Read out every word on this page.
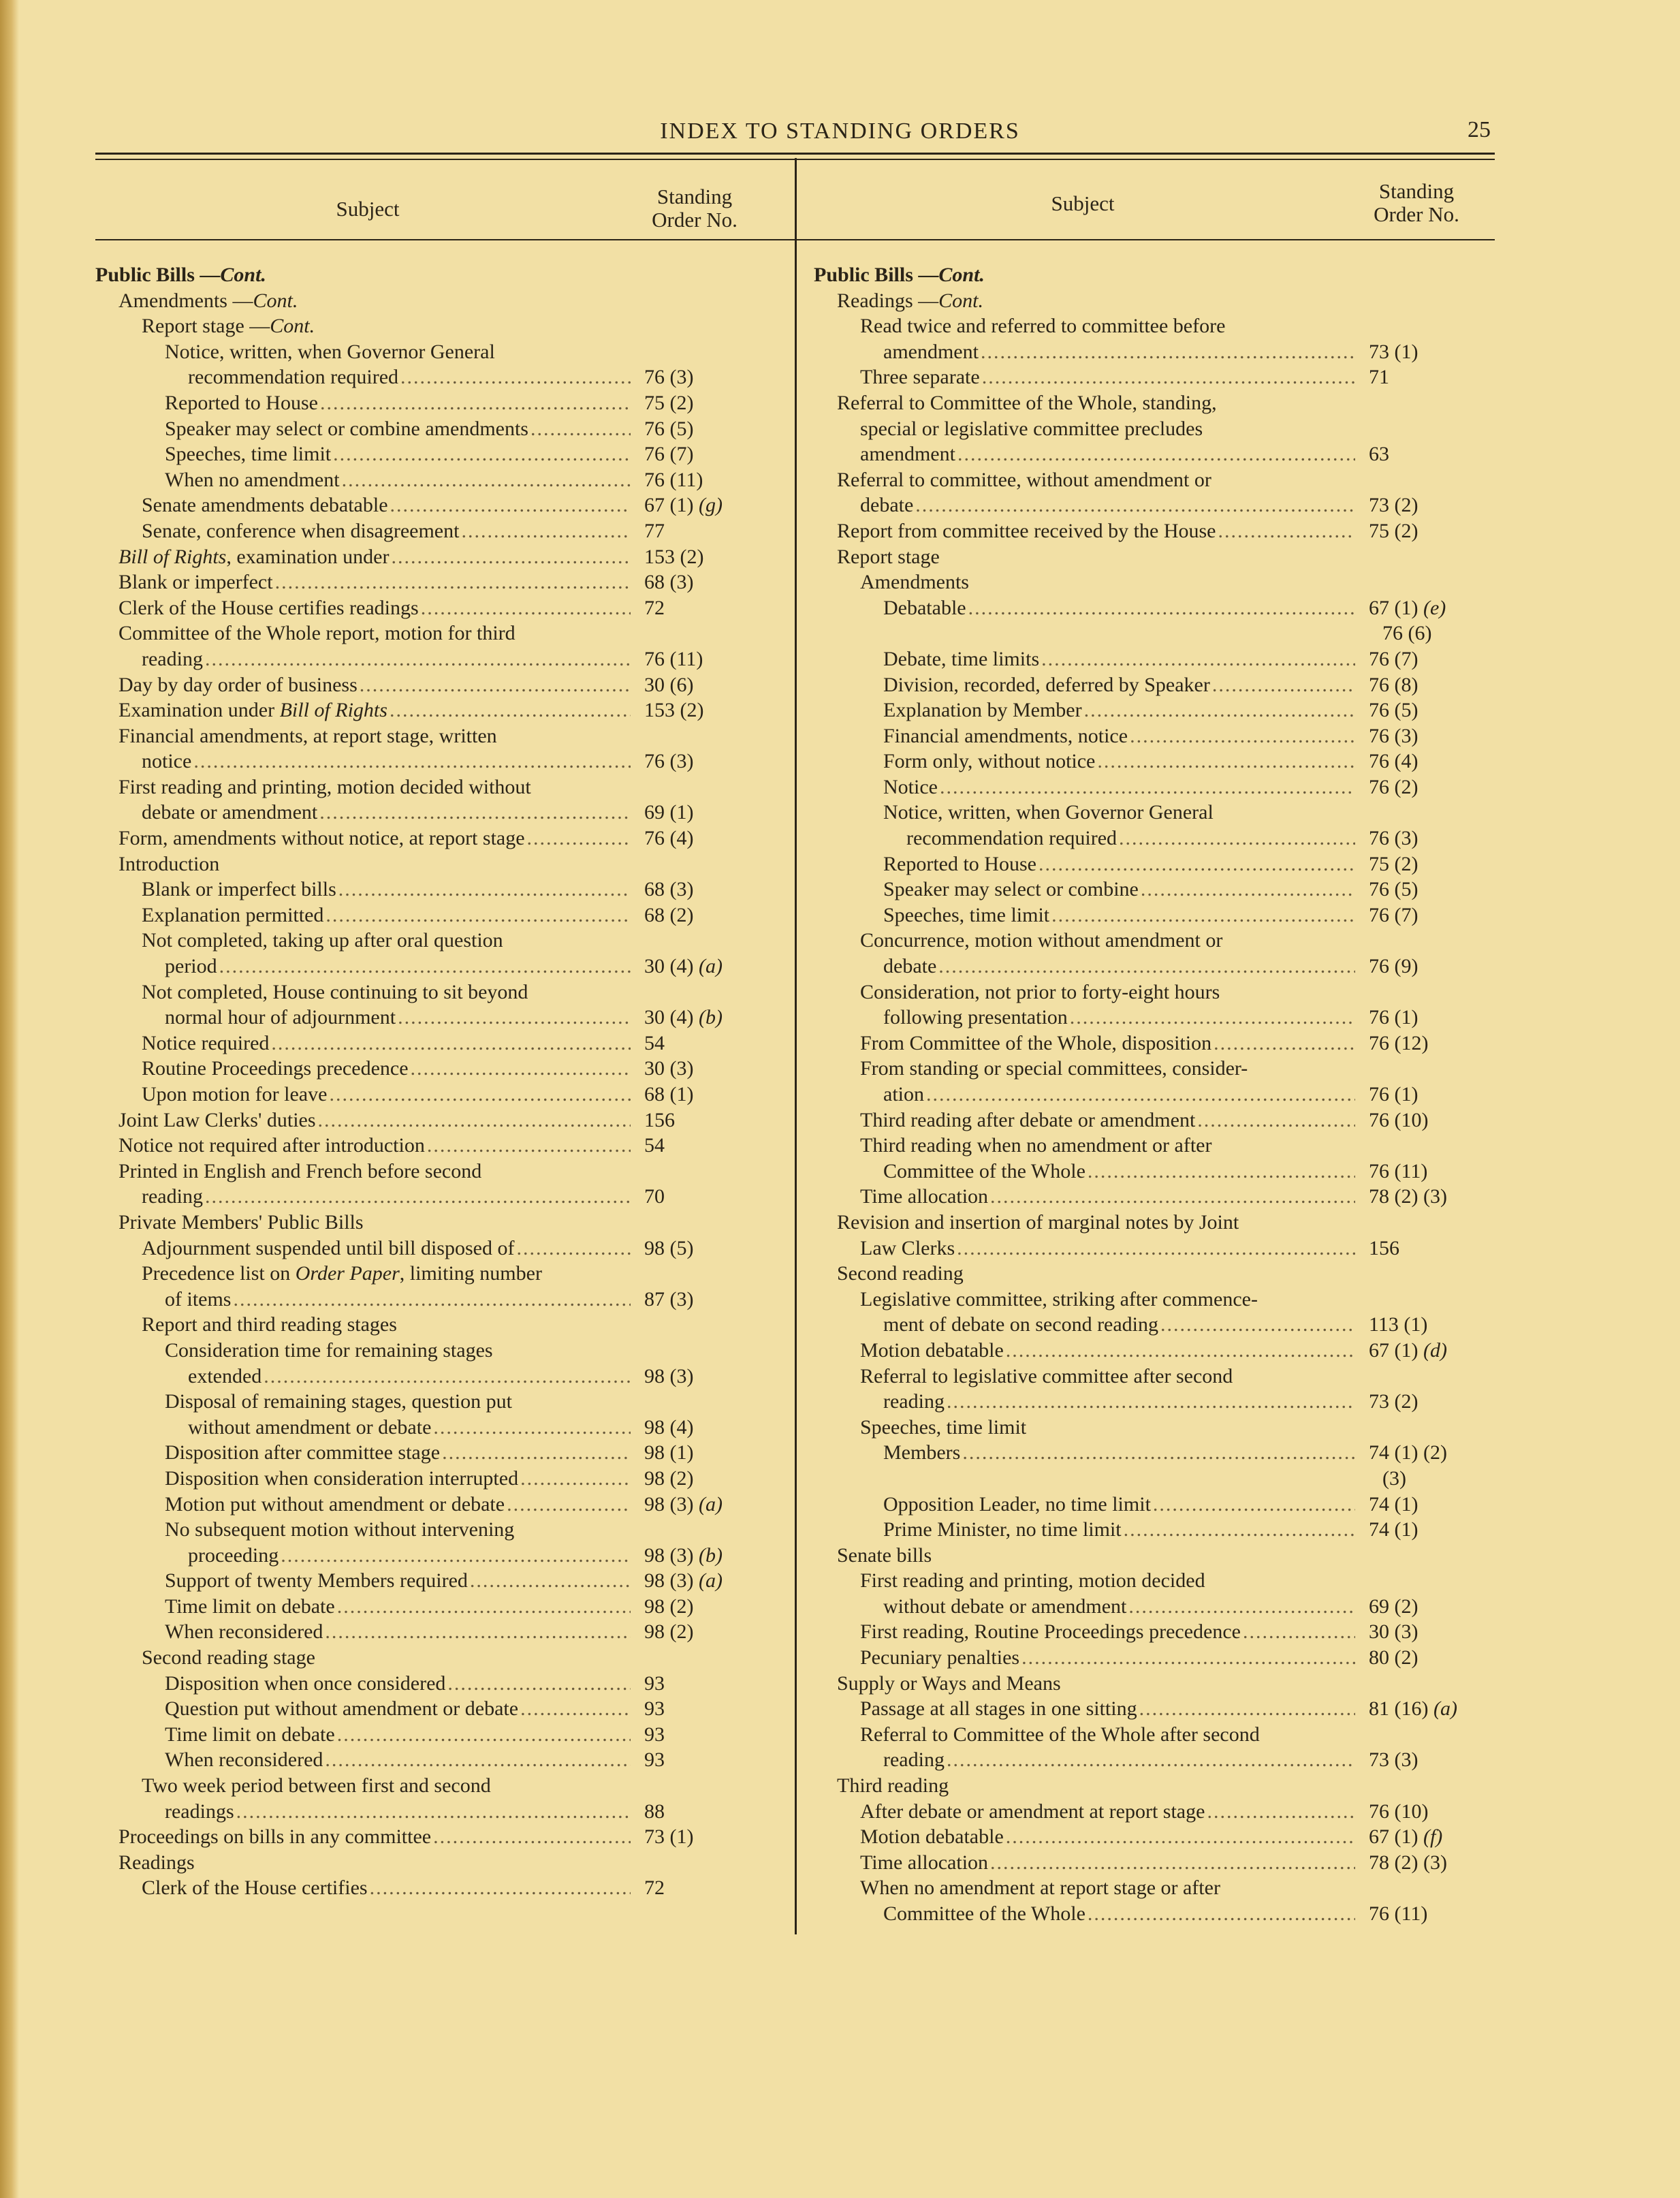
INDEX TO STANDING ORDERS	25
Subject
Standing
Order No.
Subject
Standing
Order No.
Public Bills —Cont.
Amendments —Cont.
Report stage —Cont.
Notice, written, when Governor General
recommendation required .....	76 (3)
Reported to House .....	75 (2)
Speaker may select or combine amendments .....	76 (5)
Speeches, time limit .....	76 (7)
When no amendment .....	76 (11)
Senate amendments debatable .....	67 (1) (g)
Senate, conference when disagreement .....	77
Bill of Rights, examination under .....	153 (2)
Blank or imperfect .....	68 (3)
Clerk of the House certifies readings .....	72
Committee of the Whole report, motion for third
reading .....	76 (11)
Day by day order of business .....	30 (6)
Examination under Bill of Rights .....	153 (2)
Financial amendments, at report stage, written
notice .....	76 (3)
First reading and printing, motion decided without
debate or amendment .....	69 (1)
Form, amendments without notice, at report stage .....	76 (4)
Introduction
Blank or imperfect bills .....	68 (3)
Explanation permitted .....	68 (2)
Not completed, taking up after oral question
period .....	30 (4) (a)
Not completed, House continuing to sit beyond
normal hour of adjournment .....	30 (4) (b)
Notice required .....	54
Routine Proceedings precedence .....	30 (3)
Upon motion for leave .....	68 (1)
Joint Law Clerks' duties .....	156
Notice not required after introduction .....	54
Printed in English and French before second
reading .....	70
Private Members' Public Bills
Adjournment suspended until bill disposed of .....	98 (5)
Precedence list on Order Paper, limiting number
of items .....	87 (3)
Report and third reading stages
Consideration time for remaining stages
extended .....	98 (3)
Disposal of remaining stages, question put
without amendment or debate .....	98 (4)
Disposition after committee stage .....	98 (1)
Disposition when consideration interrupted .....	98 (2)
Motion put without amendment or debate .....	98 (3) (a)
No subsequent motion without intervening
proceeding .....	98 (3) (b)
Support of twenty Members required .....	98 (3) (a)
Time limit on debate .....	98 (2)
When reconsidered .....	98 (2)
Second reading stage
Disposition when once considered .....	93
Question put without amendment or debate .....	93
Time limit on debate .....	93
When reconsidered .....	93
Two week period between first and second
readings .....	88
Proceedings on bills in any committee .....	73 (1)
Readings
Clerk of the House certifies .....	72
Public Bills —Cont.
Readings —Cont.
Read twice and referred to committee before
amendment .....	73 (1)
Three separate .....	71
Referral to Committee of the Whole, standing,
special or legislative committee precludes
amendment .....	63
Referral to committee, without amendment or
debate .....	73 (2)
Report from committee received by the House .....	75 (2)
Report stage
Amendments
Debatable .....	67 (1) (e)
76 (6)
Debate, time limits .....	76 (7)
Division, recorded, deferred by Speaker .....	76 (8)
Explanation by Member .....	76 (5)
Financial amendments, notice .....	76 (3)
Form only, without notice .....	76 (4)
Notice .....	76 (2)
Notice, written, when Governor General
recommendation required .....	76 (3)
Reported to House .....	75 (2)
Speaker may select or combine .....	76 (5)
Speeches, time limit .....	76 (7)
Concurrence, motion without amendment or
debate .....	76 (9)
Consideration, not prior to forty-eight hours
following presentation .....	76 (1)
From Committee of the Whole, disposition .....	76 (12)
From standing or special committees, consider-
ation .....	76 (1)
Third reading after debate or amendment .....	76 (10)
Third reading when no amendment or after
Committee of the Whole .....	76 (11)
Time allocation .....	78 (2) (3)
Revision and insertion of marginal notes by Joint
Law Clerks .....	156
Second reading
Legislative committee, striking after commence-
ment of debate on second reading .....	113 (1)
Motion debatable .....	67 (1) (d)
Referral to legislative committee after second
reading .....	73 (2)
Speeches, time limit
Members .....	74 (1) (2)
(3)
Opposition Leader, no time limit .....	74 (1)
Prime Minister, no time limit .....	74 (1)
Senate bills
First reading and printing, motion decided
without debate or amendment .....	69 (2)
First reading, Routine Proceedings precedence .....	30 (3)
Pecuniary penalties .....	80 (2)
Supply or Ways and Means
Passage at all stages in one sitting .....	81 (16) (a)
Referral to Committee of the Whole after second
reading .....	73 (3)
Third reading
After debate or amendment at report stage .....	76 (10)
Motion debatable .....	67 (1) (f)
Time allocation .....	78 (2) (3)
When no amendment at report stage or after
Committee of the Whole .....	76 (11)
